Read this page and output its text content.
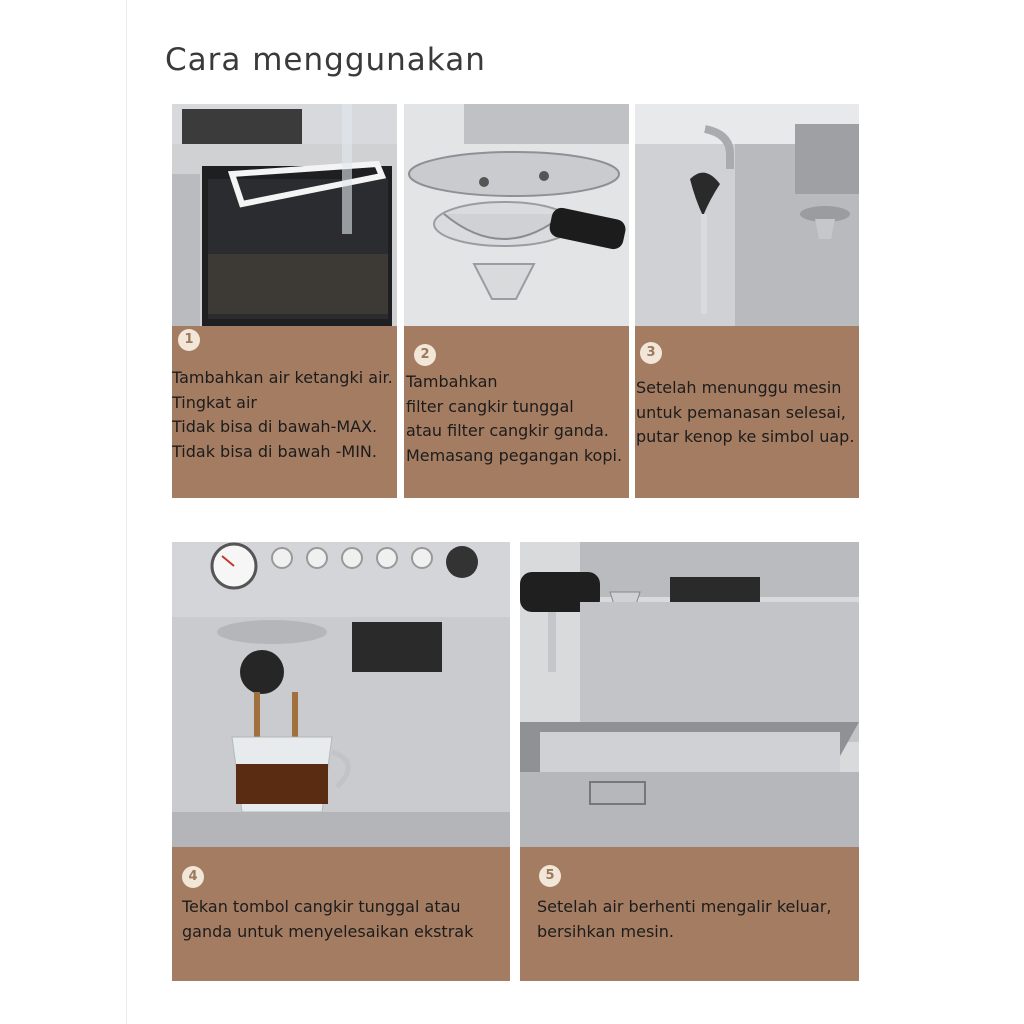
Cara menggunakan
1
Tambahkan air ketangki air.
Tingkat air
Tidak bisa di bawah-MAX.
Tidak bisa di bawah -MIN.
2
Tambahkan
filter cangkir tunggal
atau filter cangkir ganda.
Memasang pegangan kopi.
3
Setelah menunggu mesin
untuk pemanasan selesai,
putar kenop ke simbol uap.
4
Tekan tombol cangkir tunggal atau
ganda untuk menyelesaikan ekstrak
5
Setelah air berhenti mengalir keluar,
bersihkan mesin.
